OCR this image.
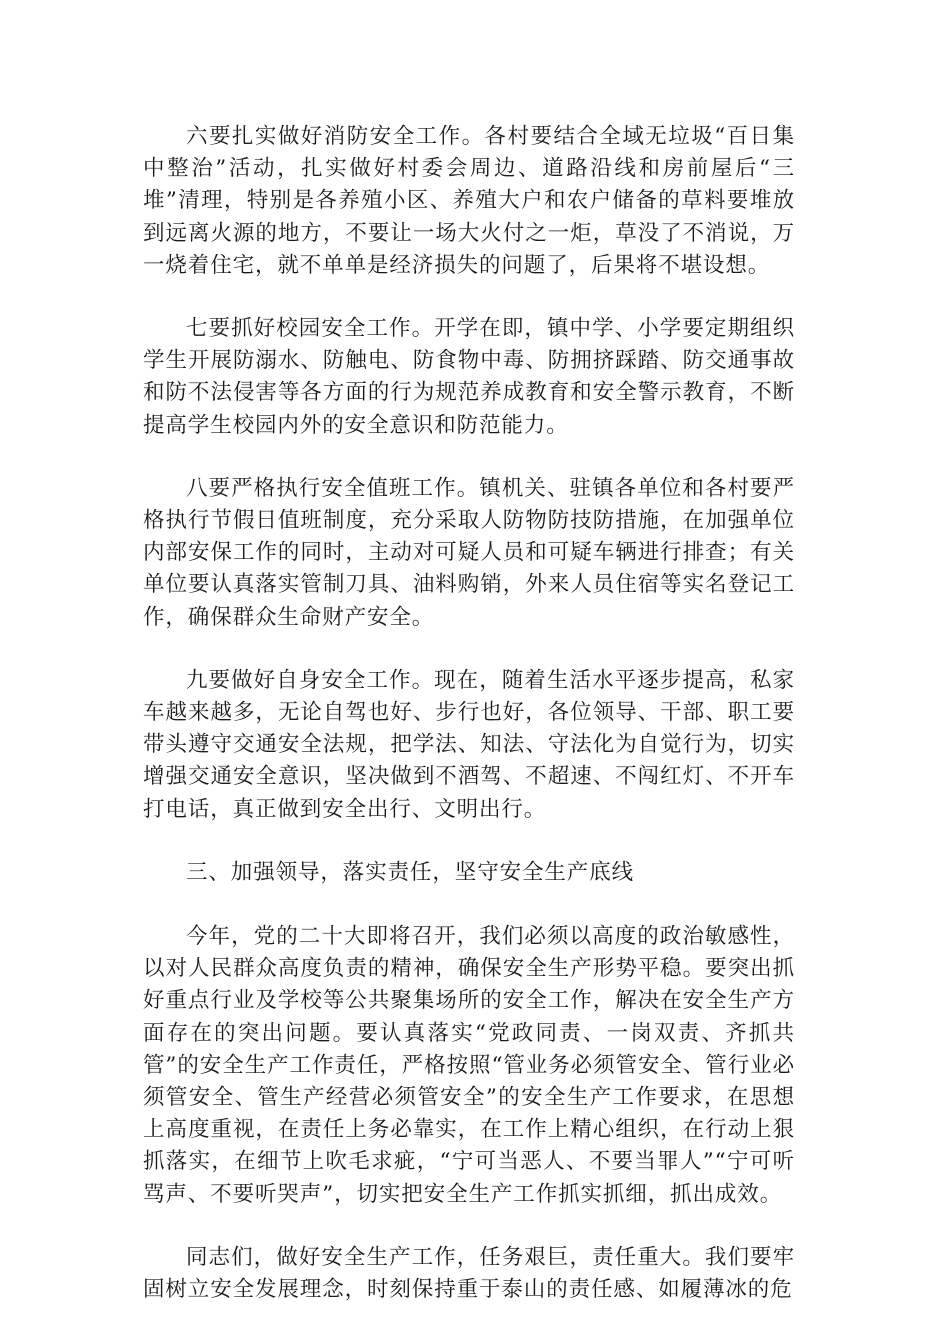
六要扎实做好消防安全工作。各村要结合全域无垃圾“百日集中整治”活动，扎实做好村委会周边、道路沿线和房前屋后“三堆”清理，特别是各养殖小区、养殖大户和农户储备的草料要堆放到远离火源的地方，不要让一场大火付之一炬，草没了不消说，万一烧着住宅，就不单单是经济损失的问题了，后果将不堪设想。

七要抓好校园安全工作。开学在即，镇中学、小学要定期组织学生开展防溺水、防触电、防食物中毒、防拥挤踩踏、防交通事故和防不法侵害等各方面的行为规范养成教育和安全警示教育，不断提高学生校园内外的安全意识和防范能力。

八要严格执行安全值班工作。镇机关、驻镇各单位和各村要严格执行节假日值班制度，充分采取人防物防技防措施，在加强单位内部安保工作的同时，主动对可疑人员和可疑车辆进行排查；有关单位要认真落实管制刀具、油料购销，外来人员住宿等实名登记工作，确保群众生命财产安全。

九要做好自身安全工作。现在，随着生活水平逐步提高，私家车越来越多，无论自驾也好、步行也好，各位领导、干部、职工要带头遵守交通安全法规，把学法、知法、守法化为自觉行为，切实增强交通安全意识，坚决做到不酒驾、不超速、不闯红灯、不开车打电话，真正做到安全出行、文明出行。

三、加强领导，落实责任，坚守安全生产底线

今年，党的二十大即将召开，我们必须以高度的政治敏感性，以对人民群众高度负责的精神，确保安全生产形势平稳。要突出抓好重点行业及学校等公共聚集场所的安全工作，解决在安全生产方面存在的突出问题。要认真落实“党政同责、一岗双责、齐抓共管”的安全生产工作责任，严格按照“管业务必须管安全、管行业必须管安全、管生产经营必须管安全”的安全生产工作要求，在思想上高度重视，在责任上务必靠实，在工作上精心组织，在行动上狠抓落实，在细节上吹毛求疵，“宁可当恶人、不要当罪人”“宁可听骂声、不要听哭声”，切实把安全生产工作抓实抓细，抓出成效。

同志们，做好安全生产工作，任务艰巨，责任重大。我们要牢固树立安全发展理念，时刻保持重于泰山的责任感、如履薄冰的危
